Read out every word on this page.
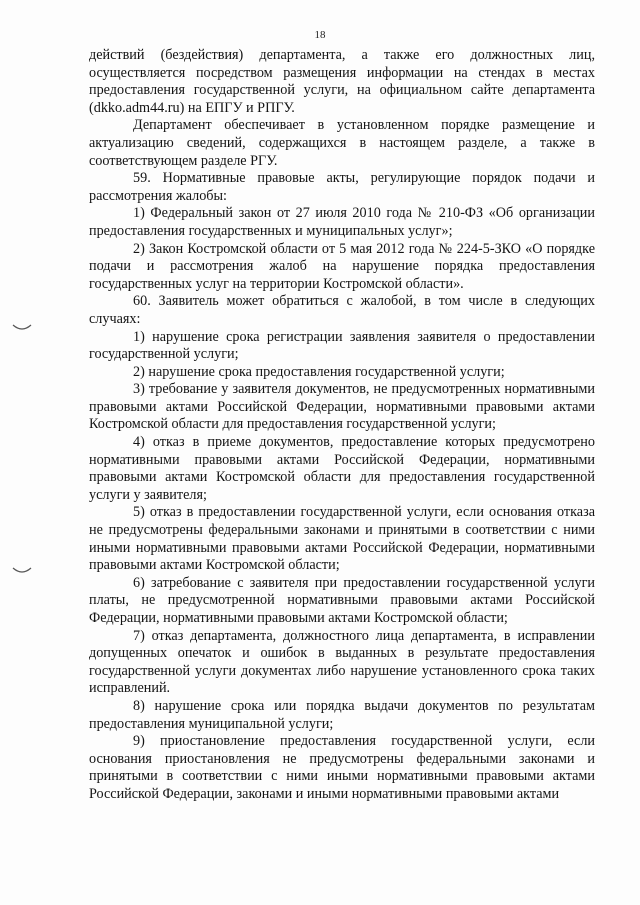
18

действий (бездействия) департамента, а также его должностных лиц, осуществляется посредством размещения информации на стендах в местах предоставления государственной услуги, на официальном сайте департамента (dkko.adm44.ru) на ЕПГУ и РПГУ.

Департамент обеспечивает в установленном порядке размещение и актуализацию сведений, содержащихся в настоящем разделе, а также в соответствующем разделе РГУ.

59. Нормативные правовые акты, регулирующие порядок подачи и рассмотрения жалобы:

1) Федеральный закон от 27 июля 2010 года № 210-ФЗ «Об организации предоставления государственных и муниципальных услуг»;

2) Закон Костромской области от 5 мая 2012 года № 224-5-ЗКО «О порядке подачи и рассмотрения жалоб на нарушение порядка предоставления государственных услуг на территории Костромской области».

60. Заявитель может обратиться с жалобой, в том числе в следующих случаях:

1) нарушение срока регистрации заявления заявителя о предоставлении государственной услуги;

2) нарушение срока предоставления государственной услуги;

3) требование у заявителя документов, не предусмотренных нормативными правовыми актами Российской Федерации, нормативными правовыми актами Костромской области для предоставления государственной услуги;

4) отказ в приеме документов, предоставление которых предусмотрено нормативными правовыми актами Российской Федерации, нормативными правовыми актами Костромской области для предоставления государственной услуги у заявителя;

5) отказ в предоставлении государственной услуги, если основания отказа не предусмотрены федеральными законами и принятыми в соответствии с ними иными нормативными правовыми актами Российской Федерации, нормативными правовыми актами Костромской области;

6) затребование с заявителя при предоставлении государственной услуги платы, не предусмотренной нормативными правовыми актами Российской Федерации, нормативными правовыми актами Костромской области;

7) отказ департамента, должностного лица департамента, в исправлении допущенных опечаток и ошибок в выданных в результате предоставления государственной услуги документах либо нарушение установленного срока таких исправлений.

8) нарушение срока или порядка выдачи документов по результатам предоставления муниципальной услуги;

9) приостановление предоставления государственной услуги, если основания приостановления не предусмотрены федеральными законами и принятыми в соответствии с ними иными нормативными правовыми актами Российской Федерации, законами и иными нормативными правовыми актами
